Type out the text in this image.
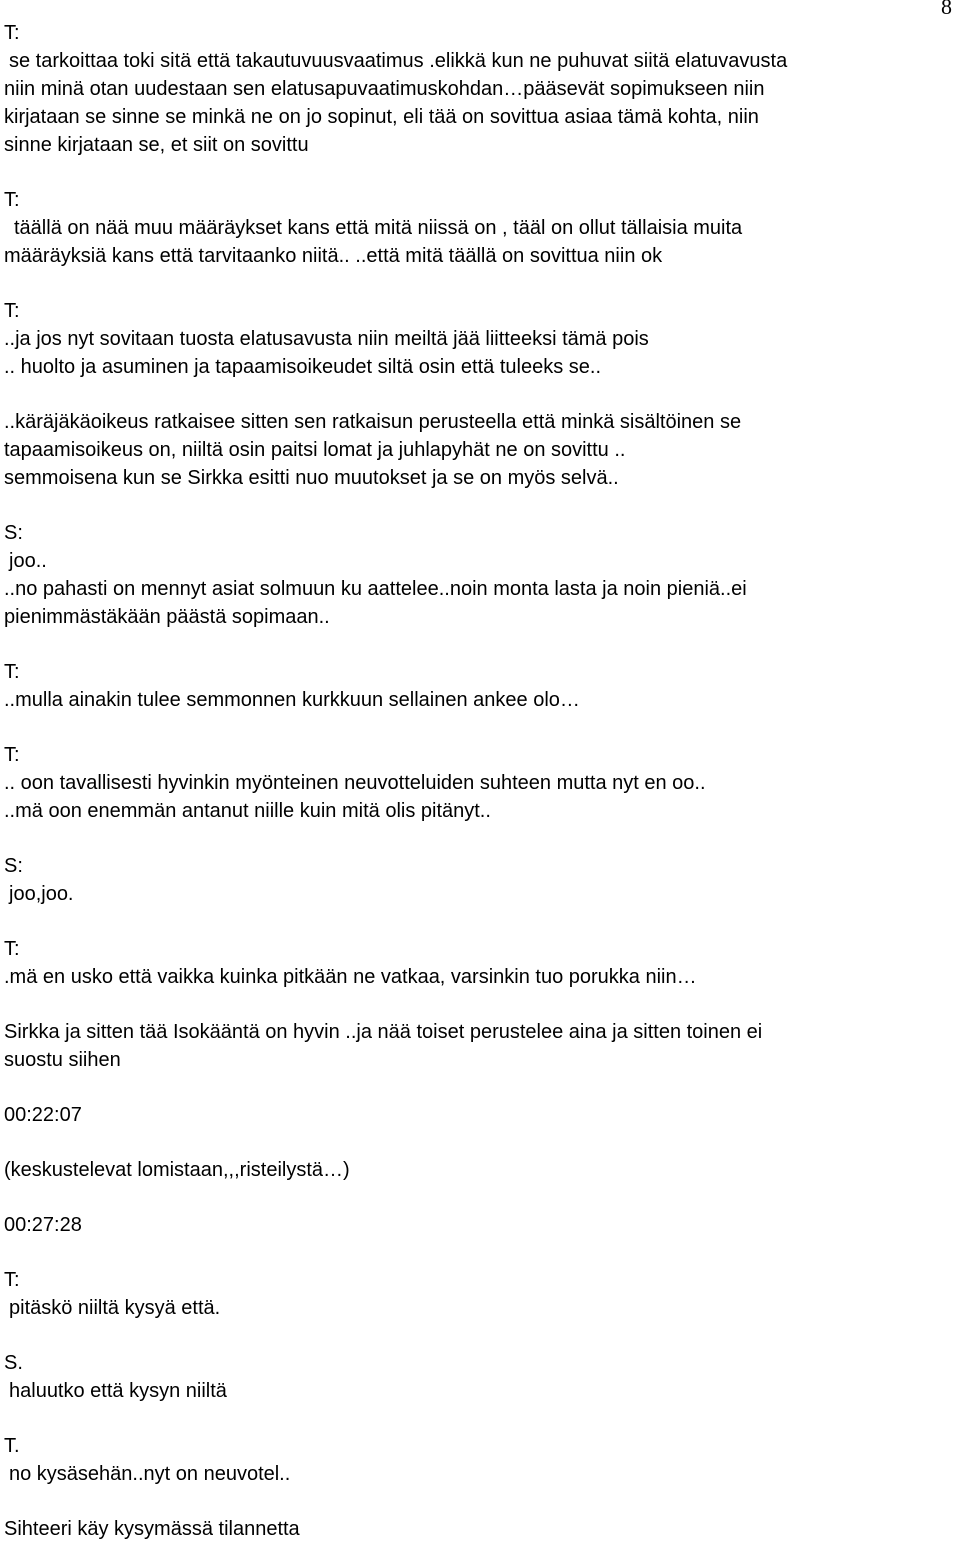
8
T:
se tarkoittaa toki sitä että takautuvuusvaatimus .elikkä kun ne puhuvat siitä elatuvavusta
niin minä otan uudestaan sen elatusapuvaatimuskohdan…pääsevät sopimukseen niin
kirjataan se sinne se minkä ne on jo sopinut, eli tää on sovittua asiaa tämä kohta, niin
sinne kirjataan se, et siit on sovittu
T:
täällä on nää muu määräykset kans että mitä niissä on , tääl on ollut tällaisia muita
määräyksiä kans että tarvitaanko niitä.. ..että mitä täällä on sovittua niin ok
T:
..ja jos nyt sovitaan tuosta elatusavusta niin meiltä jää liitteeksi tämä pois
.. huolto ja asuminen ja tapaamisoikeudet siltä osin että tuleeks se..
..käräjäkäoikeus ratkaisee sitten sen ratkaisun perusteella että minkä sisältöinen se
tapaamisoikeus on, niiltä osin paitsi lomat ja juhlapyhät ne on sovittu ..
semmoisena kun se Sirkka esitti nuo muutokset ja se on myös selvä..
S:
joo..
..no pahasti on mennyt asiat solmuun ku aattelee..noin monta lasta ja noin pieniä..ei
pienimmästäkään päästä sopimaan..
T:
..mulla ainakin tulee semmonnen kurkkuun sellainen ankee olo…
T:
.. oon tavallisesti hyvinkin myönteinen neuvotteluiden suhteen mutta nyt en oo..
..mä oon enemmän antanut niille kuin mitä olis pitänyt..
S:
joo,joo.
T:
.mä en usko että vaikka kuinka pitkään ne vatkaa, varsinkin tuo porukka niin…
Sirkka ja sitten tää Isokääntä on hyvin ..ja nää toiset perustelee aina ja sitten toinen ei
suostu siihen
00:22:07
(keskustelevat lomistaan,,,risteilystä…)
00:27:28
T:
pitäskö niiltä kysyä että.
S.
haluutko että kysyn niiltä
T.
no kysäsehän..nyt on neuvotel..
Sihteeri käy kysymässä tilannetta
